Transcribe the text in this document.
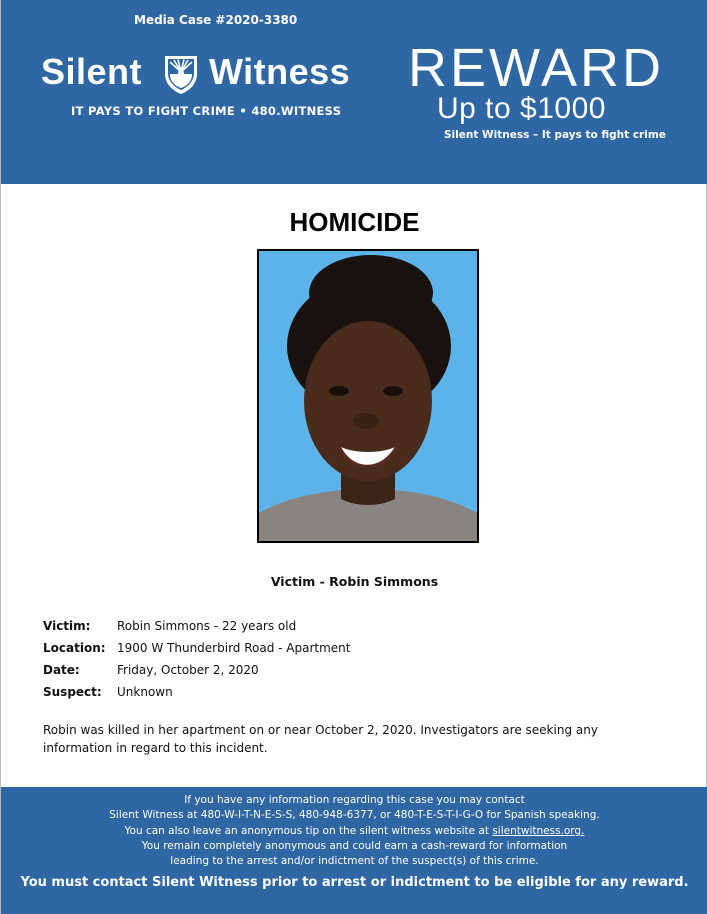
Media Case #2020-3380
Silent Witness
IT PAYS TO FIGHT CRIME • 480.WITNESS
REWARD
Up to $1000
Silent Witness – It pays to fight crime
HOMICIDE
Victim - Robin Simmons
Victim: Robin Simmons - 22 years old
Location: 1900 W Thunderbird Road - Apartment
Date:	Friday, October 2, 2020
Suspect: Unknown
Robin was killed in her apartment on or near October 2, 2020. Investigators are seeking any information in regard to this incident.
If you have any information regarding this case you may contact
Silent Witness at 480-W-I-T-N-E-S-S, 480-948-6377, or 480-T-E-S-T-I-G-O for Spanish speaking.
You can also leave an anonymous tip on the silent witness website at silentwitness.org.
You remain completely anonymous and could earn a cash-reward for information
leading to the arrest and/or indictment of the suspect(s) of this crime.
You must contact Silent Witness prior to arrest or indictment to be eligible for any reward.
